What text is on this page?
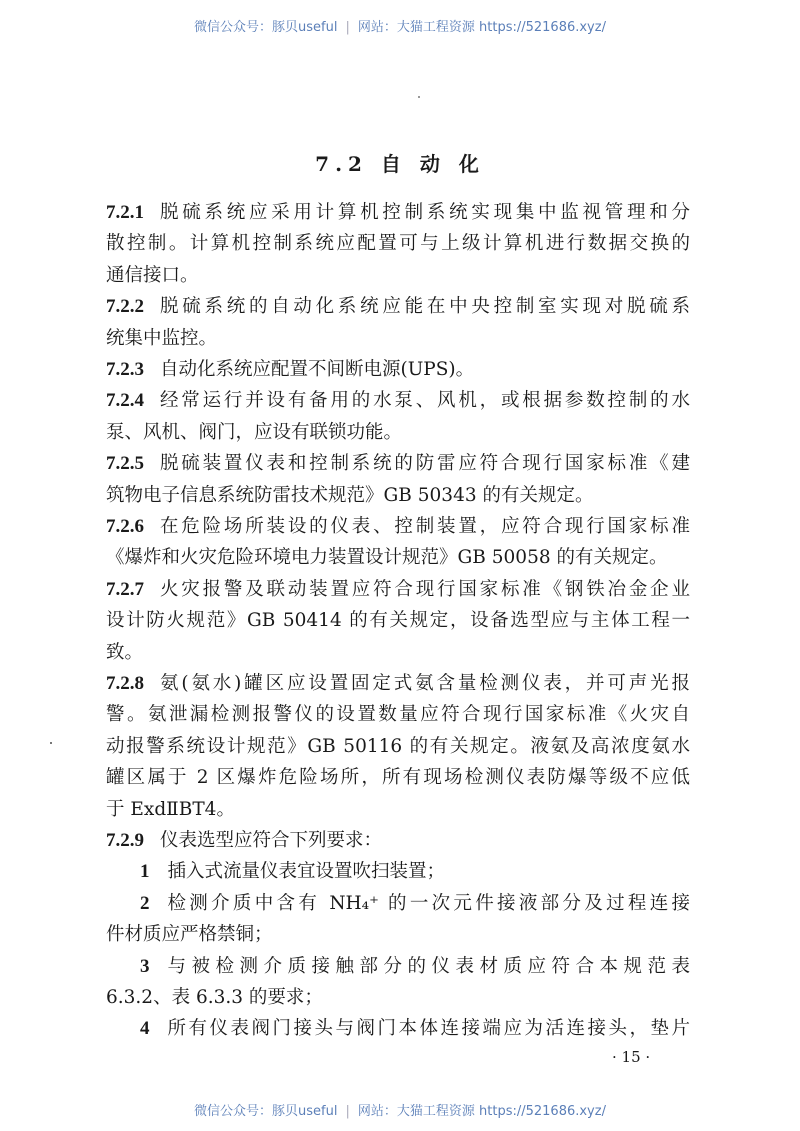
微信公众号：豚贝useful | 网站：大猫工程资源 https://521686.xyz/
7.2 自 动 化
7.2.1 脱硫系统应采用计算机控制系统实现集中监视管理和分
散控制。计算机控制系统应配置可与上级计算机进行数据交换的
通信接口。
7.2.2 脱硫系统的自动化系统应能在中央控制室实现对脱硫系
统集中监控。
7.2.3 自动化系统应配置不间断电源(UPS)。
7.2.4 经常运行并设有备用的水泵、风机，或根据参数控制的水
泵、风机、阀门，应设有联锁功能。
7.2.5 脱硫装置仪表和控制系统的防雷应符合现行国家标准《建
筑物电子信息系统防雷技术规范》GB 50343 的有关规定。
7.2.6 在危险场所装设的仪表、控制装置，应符合现行国家标准
《爆炸和火灾危险环境电力装置设计规范》GB 50058 的有关规定。
7.2.7 火灾报警及联动装置应符合现行国家标准《钢铁冶金企业
设计防火规范》GB 50414 的有关规定，设备选型应与主体工程一
致。
7.2.8 氨(氨水)罐区应设置固定式氨含量检测仪表，并可声光报
警。氨泄漏检测报警仪的设置数量应符合现行国家标准《火灾自
动报警系统设计规范》GB 50116 的有关规定。液氨及高浓度氨水
罐区属于 2 区爆炸危险场所，所有现场检测仪表防爆等级不应低
于 ExdⅡBT4。
7.2.9 仪表选型应符合下列要求：
1 插入式流量仪表宜设置吹扫装置；
2 检测介质中含有 NH₄⁺ 的一次元件接液部分及过程连接
件材质应严格禁铜；
3 与被检测介质接触部分的仪表材质应符合本规范表
6.3.2、表 6.3.3 的要求；
4 所有仪表阀门接头与阀门本体连接端应为活连接头，垫片
· 15 ·
微信公众号：豚贝useful | 网站：大猫工程资源 https://521686.xyz/
